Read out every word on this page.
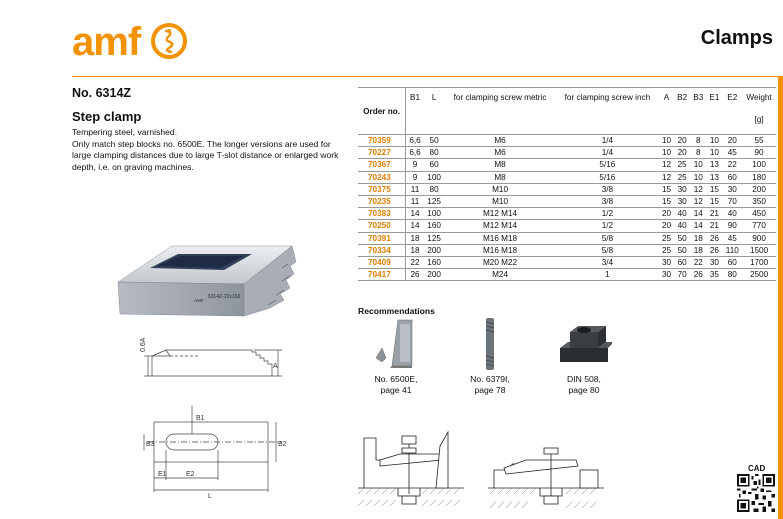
amf	Clamps
No. 6314Z
Step clamp

Tempering steel, varnished.

Only match step blocks no. 6500E. The longer versions are used for large clamping distances due to large T-slot distance or enlarged work depth, i.e. on graving machines.

6314Z-22x160
AMF
0.6A
A
B3
B1
B2
E1	E2
L
Order no.	B1	L	for clamping screw metric	for clamping screw inch	A	B2	B3	E1	E2	Weight

[g]
70359	6,6	50	M6	1/4	10	20	8	10	20	55
70227	6,6	80	M6	1/4	10	20	8	10	45	90
70367	9	60	M8	5/16	12	25	10	13	22	100
70243	9	100	M8	5/16	12	25	10	13	60	180
70375	11	80	M10	3/8	15	30	12	15	30	200
70235	11	125	M10	3/8	15	30	12	15	70	350
70383	14	100	M12 M14	1/2	20	40	14	21	40	450
70250	14	160	M12 M14	1/2	20	40	14	21	90	770
70391	18	125	M16 M18	5/8	25	50	18	26	45	900
70334	18	200	M16 M18	5/8	25	50	18	26	110	1500
70409	22	160	M20 M22	3/4	30	60	22	30	60	1700
70417	26	200	M24	1	30	70	26	35	80	2500
Recommendations
No. 6500E,
page 41
No. 6379I,
page 78
DIN 508,
page 80
CAD
